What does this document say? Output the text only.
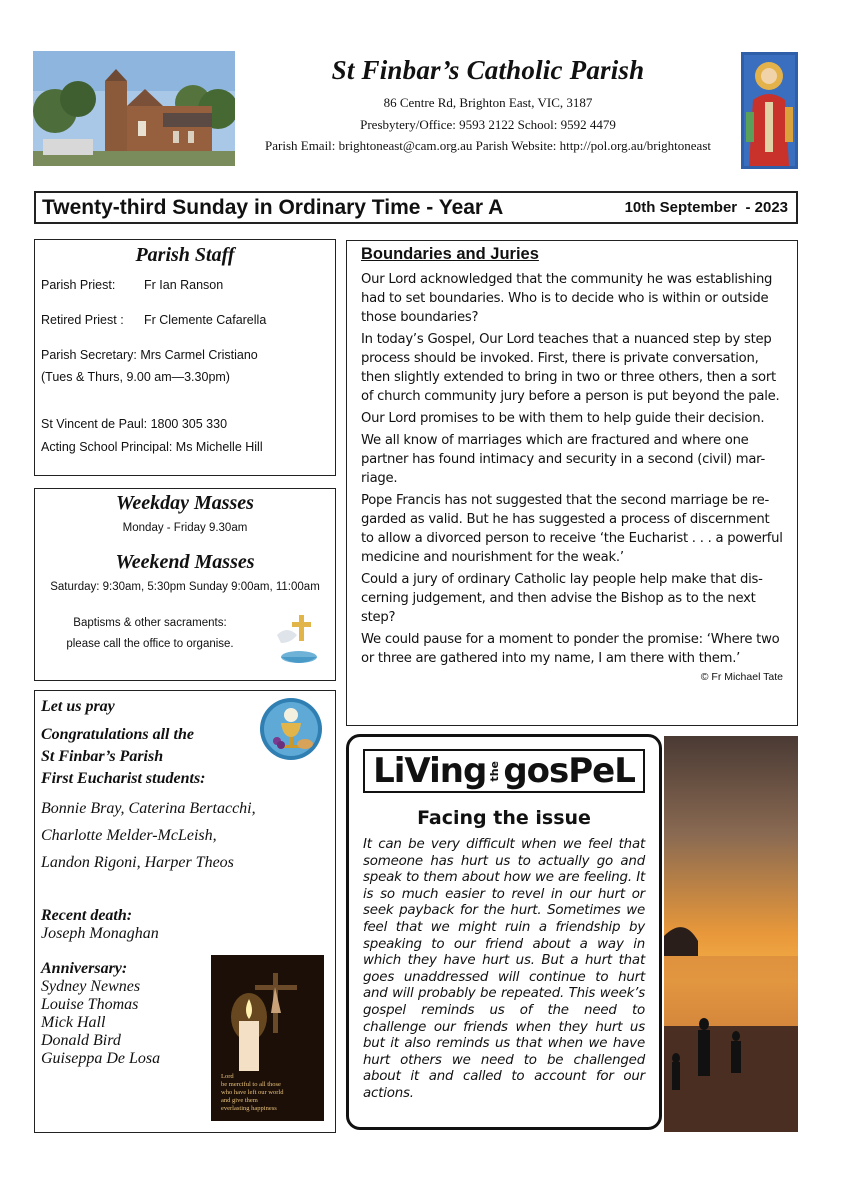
St Finbar’s Catholic Parish
86 Centre Rd, Brighton East, VIC, 3187
Presbytery/Office: 9593 2122 School: 9592 4479
Parish Email: brightoneast@cam.org.au Parish Website: http://pol.org.au/brightoneast
Twenty-third Sunday in Ordinary Time - Year A	10th September  - 2023
Parish Staff
Parish Priest:	Fr Ian Ranson
Retired Priest :	Fr Clemente Cafarella
Parish Secretary: Mrs Carmel Cristiano
(Tues & Thurs, 9.00 am—3.30pm)
St Vincent de Paul: 1800 305 330
Acting School Principal: Ms Michelle Hill
Weekday Masses
Monday - Friday 9.30am
Weekend Masses
Saturday: 9:30am, 5:30pm Sunday 9:00am, 11:00am
Baptisms & other sacraments:
please call the office to organise.
Let us pray
Congratulations all the
St Finbar’s Parish
First Eucharist students:
Bonnie Bray, Caterina Bertacchi,
Charlotte Melder-McLeish,
Landon Rigoni, Harper Theos
Recent death:
Joseph Monaghan
Anniversary:
Sydney Newnes
Louise Thomas
Mick Hall
Donald Bird
Guiseppa De Losa
Lord
be merciful to all those
who have left our world
and give them
everlasting happiness
Boundaries and Juries

Our Lord acknowledged that the community he was establishing had to set boundaries. Who is to decide who is within or outside those boundaries?

In today’s Gospel, Our Lord teaches that a nuanced step by step process should be invoked. First, there is private conversation, then slightly extended to bring in two or three others, then a sort of church community jury before a person is put beyond the pale.

Our Lord promises to be with them to help guide their decision.

We all know of marriages which are fractured and where one partner has found intimacy and security in a second (civil) mar-riage.

Pope Francis has not suggested that the second marriage be re-garded as valid. But he has suggested a process of discernment to allow a divorced person to receive ‘the Eucharist . . . a powerful medicine and nourishment for the weak.’

Could a jury of ordinary Catholic lay people help make that dis-cerning judgement, and then advise the Bishop as to the next step?

We could pause for a moment to ponder the promise: ‘Where two or three are gathered into my name, I am there with them.’

© Fr Michael Tate
LiVing the gosPeL
Facing the issue
It can be very difficult when we feel that someone has hurt us to actually go and speak to them about how we are feeling. It is so much easier to revel in our hurt or seek payback for the hurt. Sometimes we feel that we might ruin a friendship by speaking to our friend about a way in which they have hurt us. But a hurt that goes unaddressed will continue to hurt and will probably be repeated. This week’s gospel reminds us of the need to challenge our friends when they hurt us but it also reminds us that when we have hurt others we need to be challenged about it and called to account for our actions.
